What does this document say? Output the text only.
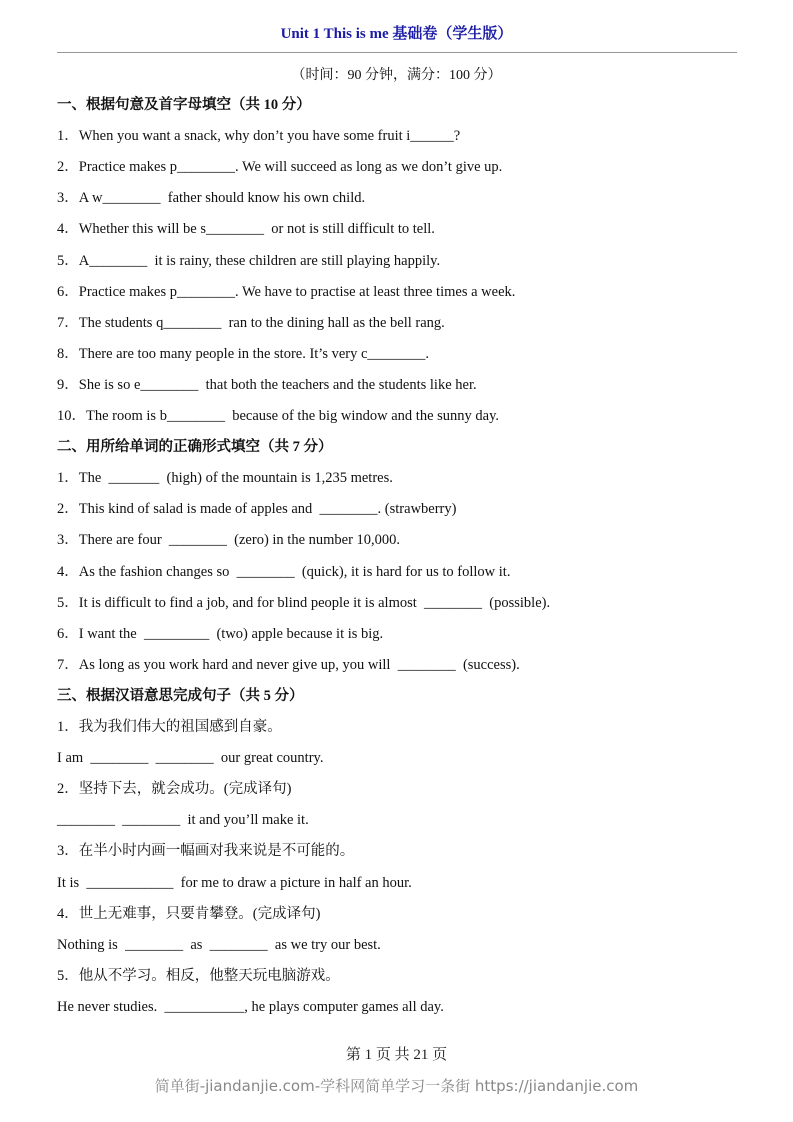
Unit 1 This is me 基础卷（学生版）
（时间：90 分钟，满分：100 分）
一、根据句意及首字母填空（共 10 分）
1．When you want a snack, why don’t you have some fruit i______?
2．Practice makes p________. We will succeed as long as we don’t give up.
3．A w________  father should know his own child.
4．Whether this will be s________  or not is still difficult to tell.
5．A________  it is rainy, these children are still playing happily.
6．Practice makes p________. We have to practise at least three times a week.
7．The students q________  ran to the dining hall as the bell rang.
8．There are too many people in the store. It’s very c________.
9．She is so e________  that both the teachers and the students like her.
10．The room is b________  because of the big window and the sunny day.
二、用所给单词的正确形式填空（共 7 分）
1．The  _______  (high) of the mountain is 1,235 metres.
2．This kind of salad is made of apples and  ________. (strawberry)
3．There are four  ________  (zero) in the number 10,000.
4．As the fashion changes so  ________  (quick), it is hard for us to follow it.
5．It is difficult to find a job, and for blind people it is almost  ________  (possible).
6．I want the  _________  (two) apple because it is big.
7．As long as you work hard and never give up, you will  ________  (success).
三、根据汉语意思完成句子（共 5 分）
1．我为我们伟大的祖国感到自豪。
I am  ________  ________  our great country.
2．坚持下去，就会成功。(完成译句)
________  ________  it and you’ll make it.
3．在半小时内画一幅画对我来说是不可能的。
It is  ____________  for me to draw a picture in half an hour.
4．世上无难事，只要肯攀登。(完成译句)
Nothing is  ________  as  ________  as we try our best.
5．他从不学习。相反，他整天玩电脑游戏。
He never studies.  ___________, he plays computer games all day.
第 1 页 共 21 页
简单街-jiandanjie.com-学科网简单学习一条街 https://jiandanjie.com
